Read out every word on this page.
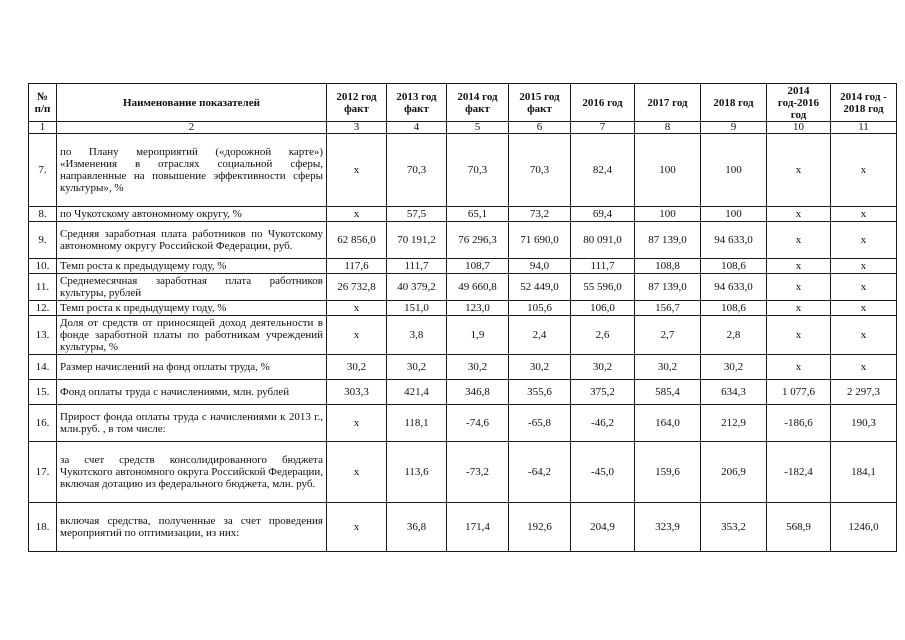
№ п/п	Наименование показателей	2012 год факт	2013 год факт	2014 год факт	2015 год факт	2016 год	2017 год	2018 год	2014 год-2016 год	2014 год - 2018 год
1	2	3	4	5	6	7	8	9	10	11
7.	по Плану мероприятий («дорожной карте») «Изменения в отраслях социальной сферы, направленные на повышение эффективности сферы культуры», %	х	70,3	70,3	70,3	82,4	100	100	х	х
8.	по Чукотскому автономному округу, %	х	57,5	65,1	73,2	69,4	100	100	х	х
9.	Средняя заработная плата работников по Чукотскому автономному округу Российской Федерации, руб.	62 856,0	70 191,2	76 296,3	71 690,0	80 091,0	87 139,0	94 633,0	х	х
10.	Темп роста к предыдущему году, %	117,6	111,7	108,7	94,0	111,7	108,8	108,6	х	х
11.	Среднемесячная заработная плата работников культуры, рублей	26 732,8	40 379,2	49 660,8	52 449,0	55 596,0	87 139,0	94 633,0	х	х
12.	Темп роста к предыдущему году, %	х	151,0	123,0	105,6	106,0	156,7	108,6	х	х
13.	Доля от средств от приносящей доход деятельности в фонде заработной платы по работникам учреждений культуры, %	х	3,8	1,9	2,4	2,6	2,7	2,8	х	х
14.	Размер начислений на фонд оплаты труда, %	30,2	30,2	30,2	30,2	30,2	30,2	30,2	х	х
15.	Фонд оплаты труда с начислениями, млн. рублей	303,3	421,4	346,8	355,6	375,2	585,4	634,3	1 077,6	2 297,3
16.	Прирост фонда оплаты труда с начислениями к 2013 г., млн.руб. , в том числе:	х	118,1	-74,6	-65,8	-46,2	164,0	212,9	-186,6	190,3
17.	за счет средств консолидированного бюджета Чукотского автономного округа Российской Федерации, включая дотацию из федерального бюджета, млн. руб.	х	113,6	-73,2	-64,2	-45,0	159,6	206,9	-182,4	184,1
18.	включая средства, полученные за счет проведения мероприятий по оптимизации, из них:	х	36,8	171,4	192,6	204,9	323,9	353,2	568,9	1246,0
